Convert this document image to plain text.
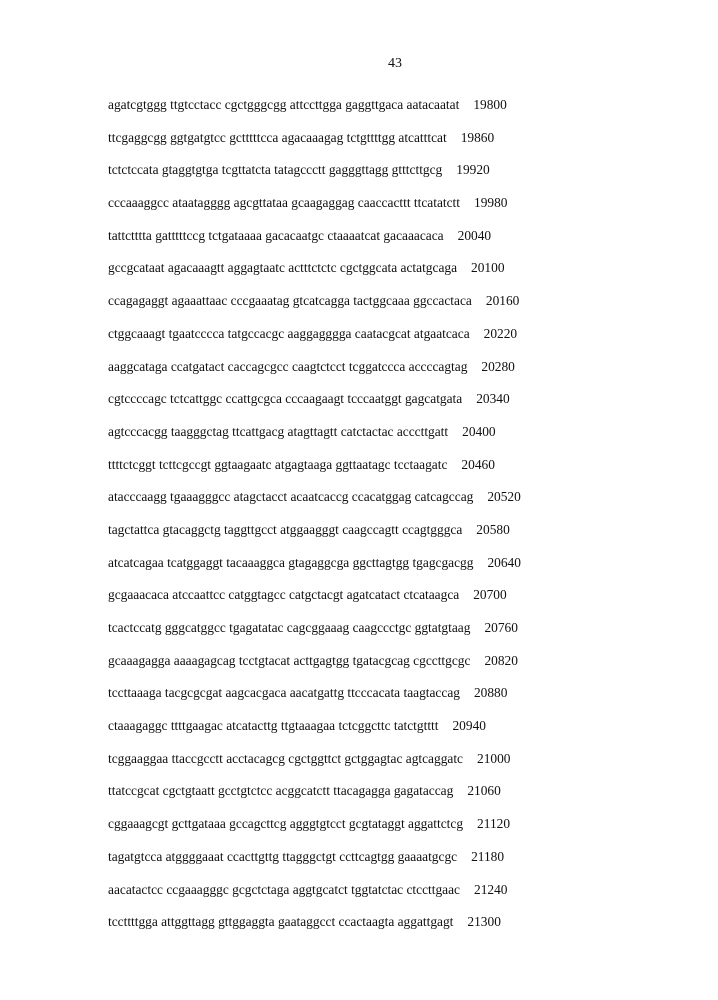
43
agatcgtggg ttgtcctacc cgctgggcgg attccttgga gaggttgaca aatacaatat 19800
ttcgaggcgg ggtgatgtcc gctttttcca agacaaagag tctgttttgg atcatttcat 19860
tctctccata gtaggtgtga tcgttatcta tatagccctt gagggttagg gtttcttgcg 19920
cccaaaggcc ataatagggg agcgttataa gcaagaggag caaccacttt ttcatatctt 19980
tattctttta gatttttccg tctgataaaa gacacaatgc ctaaaatcat gacaaacaca 20040
gccgcataat agacaaagtt aggagtaatc actttctctc cgctggcata actatgcaga 20100
ccagagaggt agaaattaac cccgaaatag gtcatcagga tactggcaaa ggccactaca 20160
ctggcaaagt tgaatcccca tatgccacgc aaggagggga caatacgcat atgaatcaca 20220
aaggcataga ccatgatact caccagcgcc caagtctcct tcggatccca accccagtag 20280
cgtccccagc tctcattggc ccattgcgca cccaagaagt tcccaatggt gagcatgata 20340
agtcccacgg taagggctag ttcattgacg atagttagtt catctactac acccttgatt 20400
ttttctcggt tcttcgccgt ggtaagaatc atgagtaaga ggttaatagc tcctaagatc 20460
atacccaagg tgaaagggcc atagctacct acaatcaccg ccacatggag catcagccag 20520
tagctattca gtacaggctg taggttgcct atggaagggt caagccagtt ccagtgggca 20580
atcatcagaa tcatggaggt tacaaaggca gtagaggcga ggcttagtgg tgagcgacgg 20640
gcgaaacaca atccaattcc catggtagcc catgctacgt agatcatact ctcataagca 20700
tcactccatg gggcatggcc tgagatatac cagcggaaag caagccctgc ggtatgtaag 20760
gcaaagagga aaaagagcag tcctgtacat acttgagtgg tgatacgcag cgccttgcgc 20820
tccttaaaga tacgcgcgat aagcacgaca aacatgattg ttcccacata taagtaccag 20880
ctaaagaggc ttttgaagac atcatacttg ttgtaaagaa tctcggcttc tatctgtttt 20940
tcggaaggaa ttaccgcctt acctacagcg cgctggttct gctggagtac agtcaggatc 21000
ttatccgcat cgctgtaatt gcctgtctcc acggcatctt ttacagagga gagataccag 21060
cggaaagcgt gcttgataaa gccagcttcg agggtgtcct gcgtataggt aggattctcg 21120
tagatgtcca atggggaaat ccacttgttg ttagggctgt ccttcagtgg gaaaatgcgc 21180
aacatactcc ccgaaagggc gcgctctaga aggtgcatct tggtatctac ctccttgaac 21240
tccttttgga attggttagg gttggaggta gaataggcct ccactaagta aggattgagt 21300
